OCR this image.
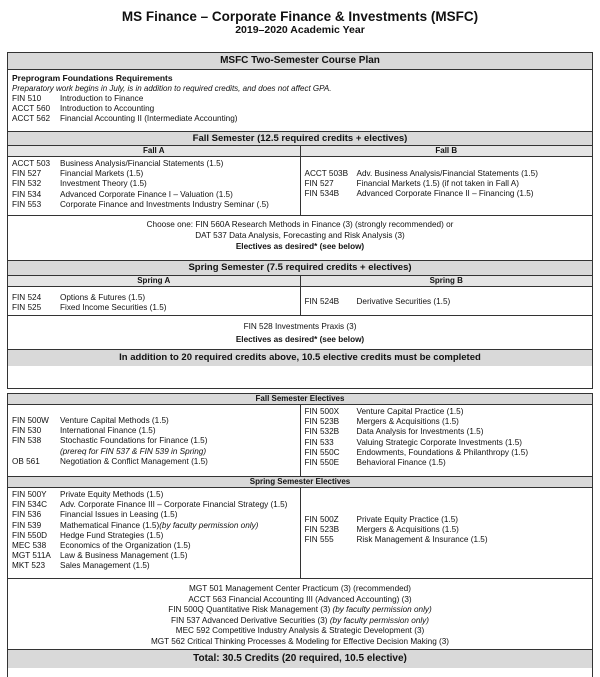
MS Finance – Corporate Finance & Investments (MSFC)
2019–2020 Academic Year
MSFC Two-Semester Course Plan
Preprogram Foundations Requirements
Preparatory work begins in July, is in addition to required credits, and does not affect GPA.
FIN 510	Introduction to Finance
ACCT 560	Introduction to Accounting
ACCT 562	Financial Accounting II (Intermediate Accounting)
Fall Semester (12.5 required credits + electives)
Fall A
ACCT 503	Business Analysis/Financial Statements (1.5)
FIN 527	Financial Markets (1.5)
FIN 532	Investment Theory (1.5)
FIN 534	Advanced Corporate Finance I – Valuation (1.5)
FIN 553	Corporate Finance and Investments Industry Seminar (.5)
Fall B
ACCT 503B	Adv. Business Analysis/Financial Statements (1.5)
FIN 527	Financial Markets (1.5) (if not taken in Fall A)
FIN 534B	Advanced Corporate Finance II – Financing (1.5)
Choose one: FIN 560A Research Methods in Finance (3) (strongly recommended) or
DAT 537 Data Analysis, Forecasting and Risk Analysis (3)
Electives as desired* (see below)
Spring Semester (7.5 required credits + electives)
Spring A
FIN 524	Options & Futures (1.5)
FIN 525	Fixed Income Securities (1.5)
Spring B
FIN 524B	Derivative Securities (1.5)
FIN 528 Investments Praxis (3)
Electives as desired* (see below)
In addition to 20 required credits above, 10.5 elective credits must be completed
Fall Semester Electives
FIN 500W	Venture Capital Methods (1.5)
FIN 530	International Finance (1.5)
FIN 538	Stochastic Foundations for Finance (1.5)
(prereq for FIN 537 & FIN 539 in Spring)
OB 561	Negotiation & Conflict Management (1.5)
FIN 500X	Venture Capital Practice (1.5)
FIN 523B	Mergers & Acquisitions (1.5)
FIN 532B	Data Analysis for Investments (1.5)
FIN 533	Valuing Strategic Corporate Investments (1.5)
FIN 550C	Endowments, Foundations & Philanthropy (1.5)
FIN 550E	Behavioral Finance (1.5)
Spring Semester Electives
FIN 500Y	Private Equity Methods (1.5)
FIN 534C	Adv. Corporate Finance III – Corporate Financial Strategy (1.5)
FIN 536	Financial Issues in Leasing (1.5)
FIN 539	Mathematical Finance (1.5) (by faculty permission only)
FIN 550D	Hedge Fund Strategies (1.5)
MEC 538	Economics of the Organization (1.5)
MGT 511A	Law & Business Management (1.5)
MKT 523	Sales Management (1.5)
FIN 500Z	Private Equity Practice (1.5)
FIN 523B	Mergers & Acquisitions (1.5)
FIN 555	Risk Management & Insurance (1.5)
MGT 501 Management Center Practicum (3) (recommended)
ACCT 563 Financial Accounting III (Advanced Accounting) (3)
FIN 500Q Quantitative Risk Management (3) (by faculty permission only)
FIN 537 Advanced Derivative Securities (3) (by faculty permission only)
MEC 592 Competitive Industry Analysis & Strategic Development (3)
MGT 562 Critical Thinking Processes & Modeling for Effective Decision Making (3)
Total: 30.5 Credits (20 required, 10.5 elective)
